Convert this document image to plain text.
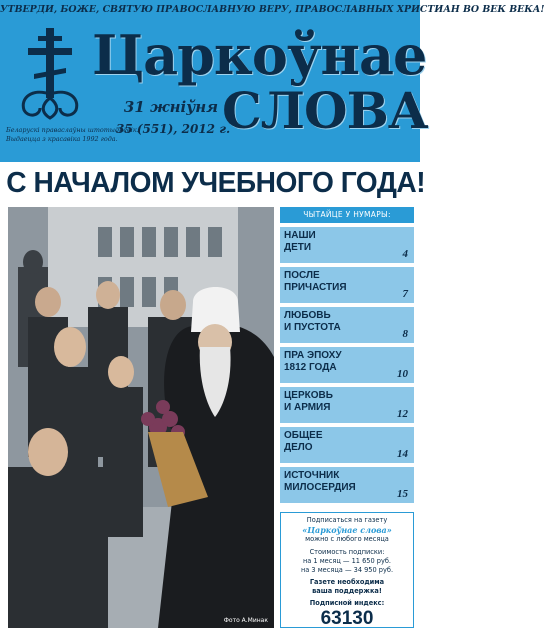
УТВЕРДИ, БОЖЕ, СВЯТУЮ ПРАВОСЛАВНУЮ ВЕРУ, ПРАВОСЛАВНЫХ ХРИСТИАН ВО ВЕК ВЕКА!
Царкоўнае
СЛОВА
31 жніўня
35 (551), 2012 г.
Беларускі праваслаўны штотыднёвік.
Выдаецца з красавіка 1992 года.
С НАЧАЛОМ УЧЕБНОГО ГОДА!
Фото А.Минак
ЧЫТАЙЦЕ У НУМАРЫ:
НАШИ
ДЕТИ
4
ПОСЛЕ
ПРИЧАСТИЯ
7
ЛЮБОВЬ
И ПУСТОТА
8
ПРА ЭПОХУ
1812 ГОДА
10
ЦЕРКОВЬ
И АРМИЯ
12
ОБЩЕЕ
ДЕЛО
14
ИСТОЧНИК
МИЛОСЕРДИЯ
15
Подписаться на газету
«Царкоўнае слова»
можно с любого месяца
Стоимость подписки:
на 1 месяц — 11 650 руб.
на 3 месяца — 34 950 руб.
Газете необходима
ваша поддержка!
Подписной индекс:
63130
